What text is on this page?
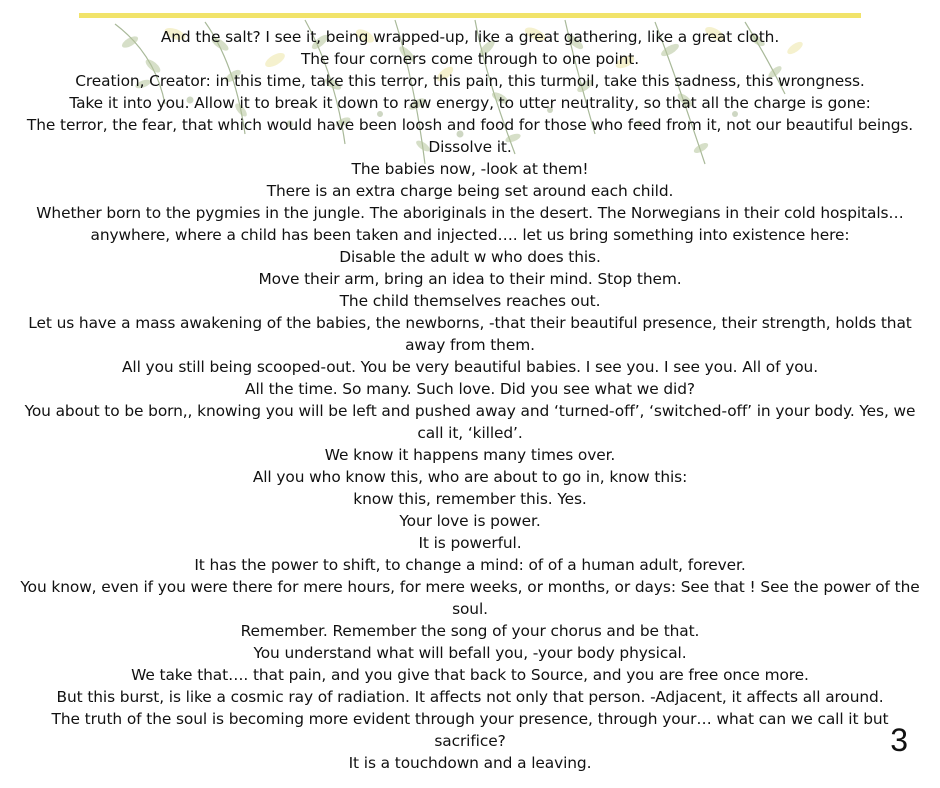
And the salt? I see it, being wrapped-up, like a great gathering, like a great cloth.

The four corners come through to one point.

Creation, Creator: in this time, take this terror, this pain, this turmoil, take this sadness, this wrongness.

Take it into you. Allow it to break it down to raw energy, to utter neutrality, so that all the charge is gone:

The terror, the fear, that which would have been loosh and food for those who feed from it, not our beautiful beings.

Dissolve it.

The babies now, -look at them!

There is an extra charge being set around each child.

Whether born to the pygmies in the jungle. The aboriginals in the desert. The Norwegians in their cold hospitals… anywhere, where a child has been taken and injected…. let us bring something into existence here:

Disable the adult w who does this.

Move their arm, bring an idea to their mind. Stop them.

The child themselves reaches out.

Let us have a mass awakening of the babies, the newborns, -that their beautiful presence, their strength, holds that away from them.

All you still being scooped-out. You be very beautiful babies. I see you. I see you. All of you.

All the time. So many. Such love. Did you see what we did?

You about to be born,, knowing you will be left and pushed away and ‘turned-off’, ‘switched-off’ in your body. Yes, we call it, ‘killed’.

We know it happens many times over.

All you who know this, who are about to go in, know this:

know this, remember this. Yes.

Your love is power.

It is powerful.

It has the power to shift, to change a mind: of of a human adult, forever.

You know, even if you were there for mere hours, for mere weeks, or months, or days: See that ! See the power of the soul.

Remember. Remember the song of your chorus and be that.

You understand what will befall you, -your body physical.

We take that…. that pain, and you give that back to Source, and you are free once more.

But this burst, is like a cosmic ray of radiation. It affects not only that person. -Adjacent, it affects all around.

The truth of the soul is becoming more evident through your presence, through your… what can we call it but sacrifice?

It is a touchdown and a leaving.

3
